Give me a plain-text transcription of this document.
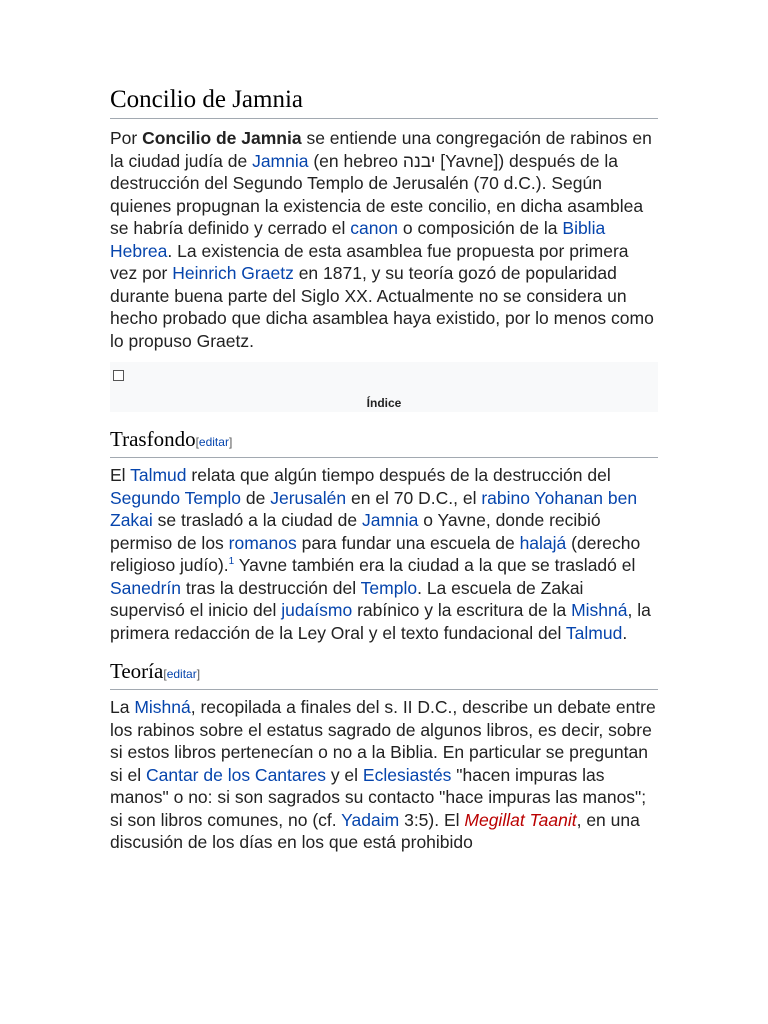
Concilio de Jamnia

Por Concilio de Jamnia se entiende una congregación de rabinos en la ciudad judía de Jamnia (en hebreo יבנה [Yavne]) después de la destrucción del Segundo Templo de Jerusalén (70 d.C.). Según quienes propugnan la existencia de este concilio, en dicha asamblea se habría definido y cerrado el canon o composición de la Biblia Hebrea. La existencia de esta asamblea fue propuesta por primera vez por Heinrich Graetz en 1871, y su teoría gozó de popularidad durante buena parte del Siglo XX. Actualmente no se considera un hecho probado que dicha asamblea haya existido, por lo menos como lo propuso Graetz.

Índice
Trasfondo[editar]

El Talmud relata que algún tiempo después de la destrucción del Segundo Templo de Jerusalén en el 70 D.C., el rabino Yohanan ben Zakai se trasladó a la ciudad de Jamnia o Yavne, donde recibió permiso de los romanos para fundar una escuela de halajá (derecho religioso judío).$^1$ Yavne también era la ciudad a la que se trasladó el Sanedrín tras la destrucción del Templo. La escuela de Zakai supervisó el inicio del judaísmo rabínico y la escritura de la Mishná, la primera redacción de la Ley Oral y el texto fundacional del Talmud.

Teoría[editar]

La Mishná, recopilada a finales del s. II D.C., describe un debate entre los rabinos sobre el estatus sagrado de algunos libros, es decir, sobre si estos libros pertenecían o no a la Biblia. En particular se preguntan si el Cantar de los Cantares y el Eclesiastés "hacen impuras las manos" o no: si son sagrados su contacto "hace impuras las manos"; si son libros comunes, no (cf. Yadaim 3:5). El Megillat Taanit, en una discusión de los días en los que está prohibido
